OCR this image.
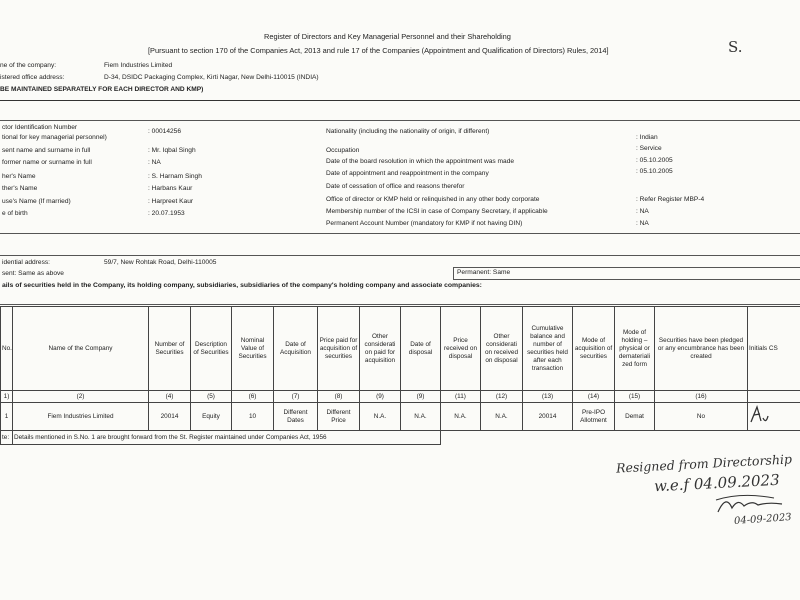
Register of Directors and Key Managerial Personnel and their Shareholding
[Pursuant to section 170 of the Companies Act, 2013 and rule 17 of the Companies (Appointment and Qualification of Directors) Rules, 2014]	S.
ne of the company:	Fiem Industries Limited
istered office address:	D-34, DSIDC Packaging Complex, Kirti Nagar, New Delhi-110015 (INDIA)
BE MAINTAINED SEPARATELY FOR EACH DIRECTOR AND KMP)
ctor Identification Number
tional for key managerial personnel)
: 00014256
sent name and surname in full	: Mr. Iqbal Singh
former name or surname in full	: NA
her's Name	: S. Harnam Singh
ther's Name	: Harbans Kaur
use's Name (If married)	: Harpreet Kaur
e of birth	: 20.07.1953
Nationality (including the nationality of origin, if different)
: Indian
Occupation	: Service
Date of the board resolution in which the appointment was made	: 05.10.2005
Date of appointment and reappointment in the company	: 05.10.2005
Date of cessation of office and reasons therefor
Office of director or KMP held or relinquished in any other body corporate	: Refer Register MBP-4
Membership number of the ICSI in case of Company Secretary, if applicable	: NA
Permanent Account Number (mandatory for KMP if not having DIN)	: NA
idential address:	59/7, New Rohtak Road, Delhi-110005
sent: Same as above	Permanent: Same
ails of securities held in the Company, its holding company, subsidiaries, subsidiaries of the company's holding company and associate companies:
No.	Name of the Company	Number of Securities	Description of Securities	Nominal Value of Securities	Date of Acquisition	Price paid for acquisition of securities	Other considerati on paid for acquisition	Date of disposal	Price received on disposal	Other considerati on received on disposal	Cumulative balance and number of securities held after each transaction	Mode of acquisition of securities	Mode of holding – physical or demateriali zed form	Securities have been pledged or any encumbrance has been created	Initials CS
1)	(2)	(4)	(5)	(6)	(7)	(8)	(9)	(9)	(11)	(12)	(13)	(14)	(15)	(16)	
1	Fiem Industries Limited	20014	Equity	10	Different Dates	Different Price	N.A.	N.A.	N.A.	N.A.	20014	Pre-IPO Allotment	Demat	No	
te:	Details mentioned in S.No. 1 are brought forward from the St. Register maintained under Companies Act, 1956														
Resigned from Directorship
w.e.f 04.09.2023
04-09-2023
